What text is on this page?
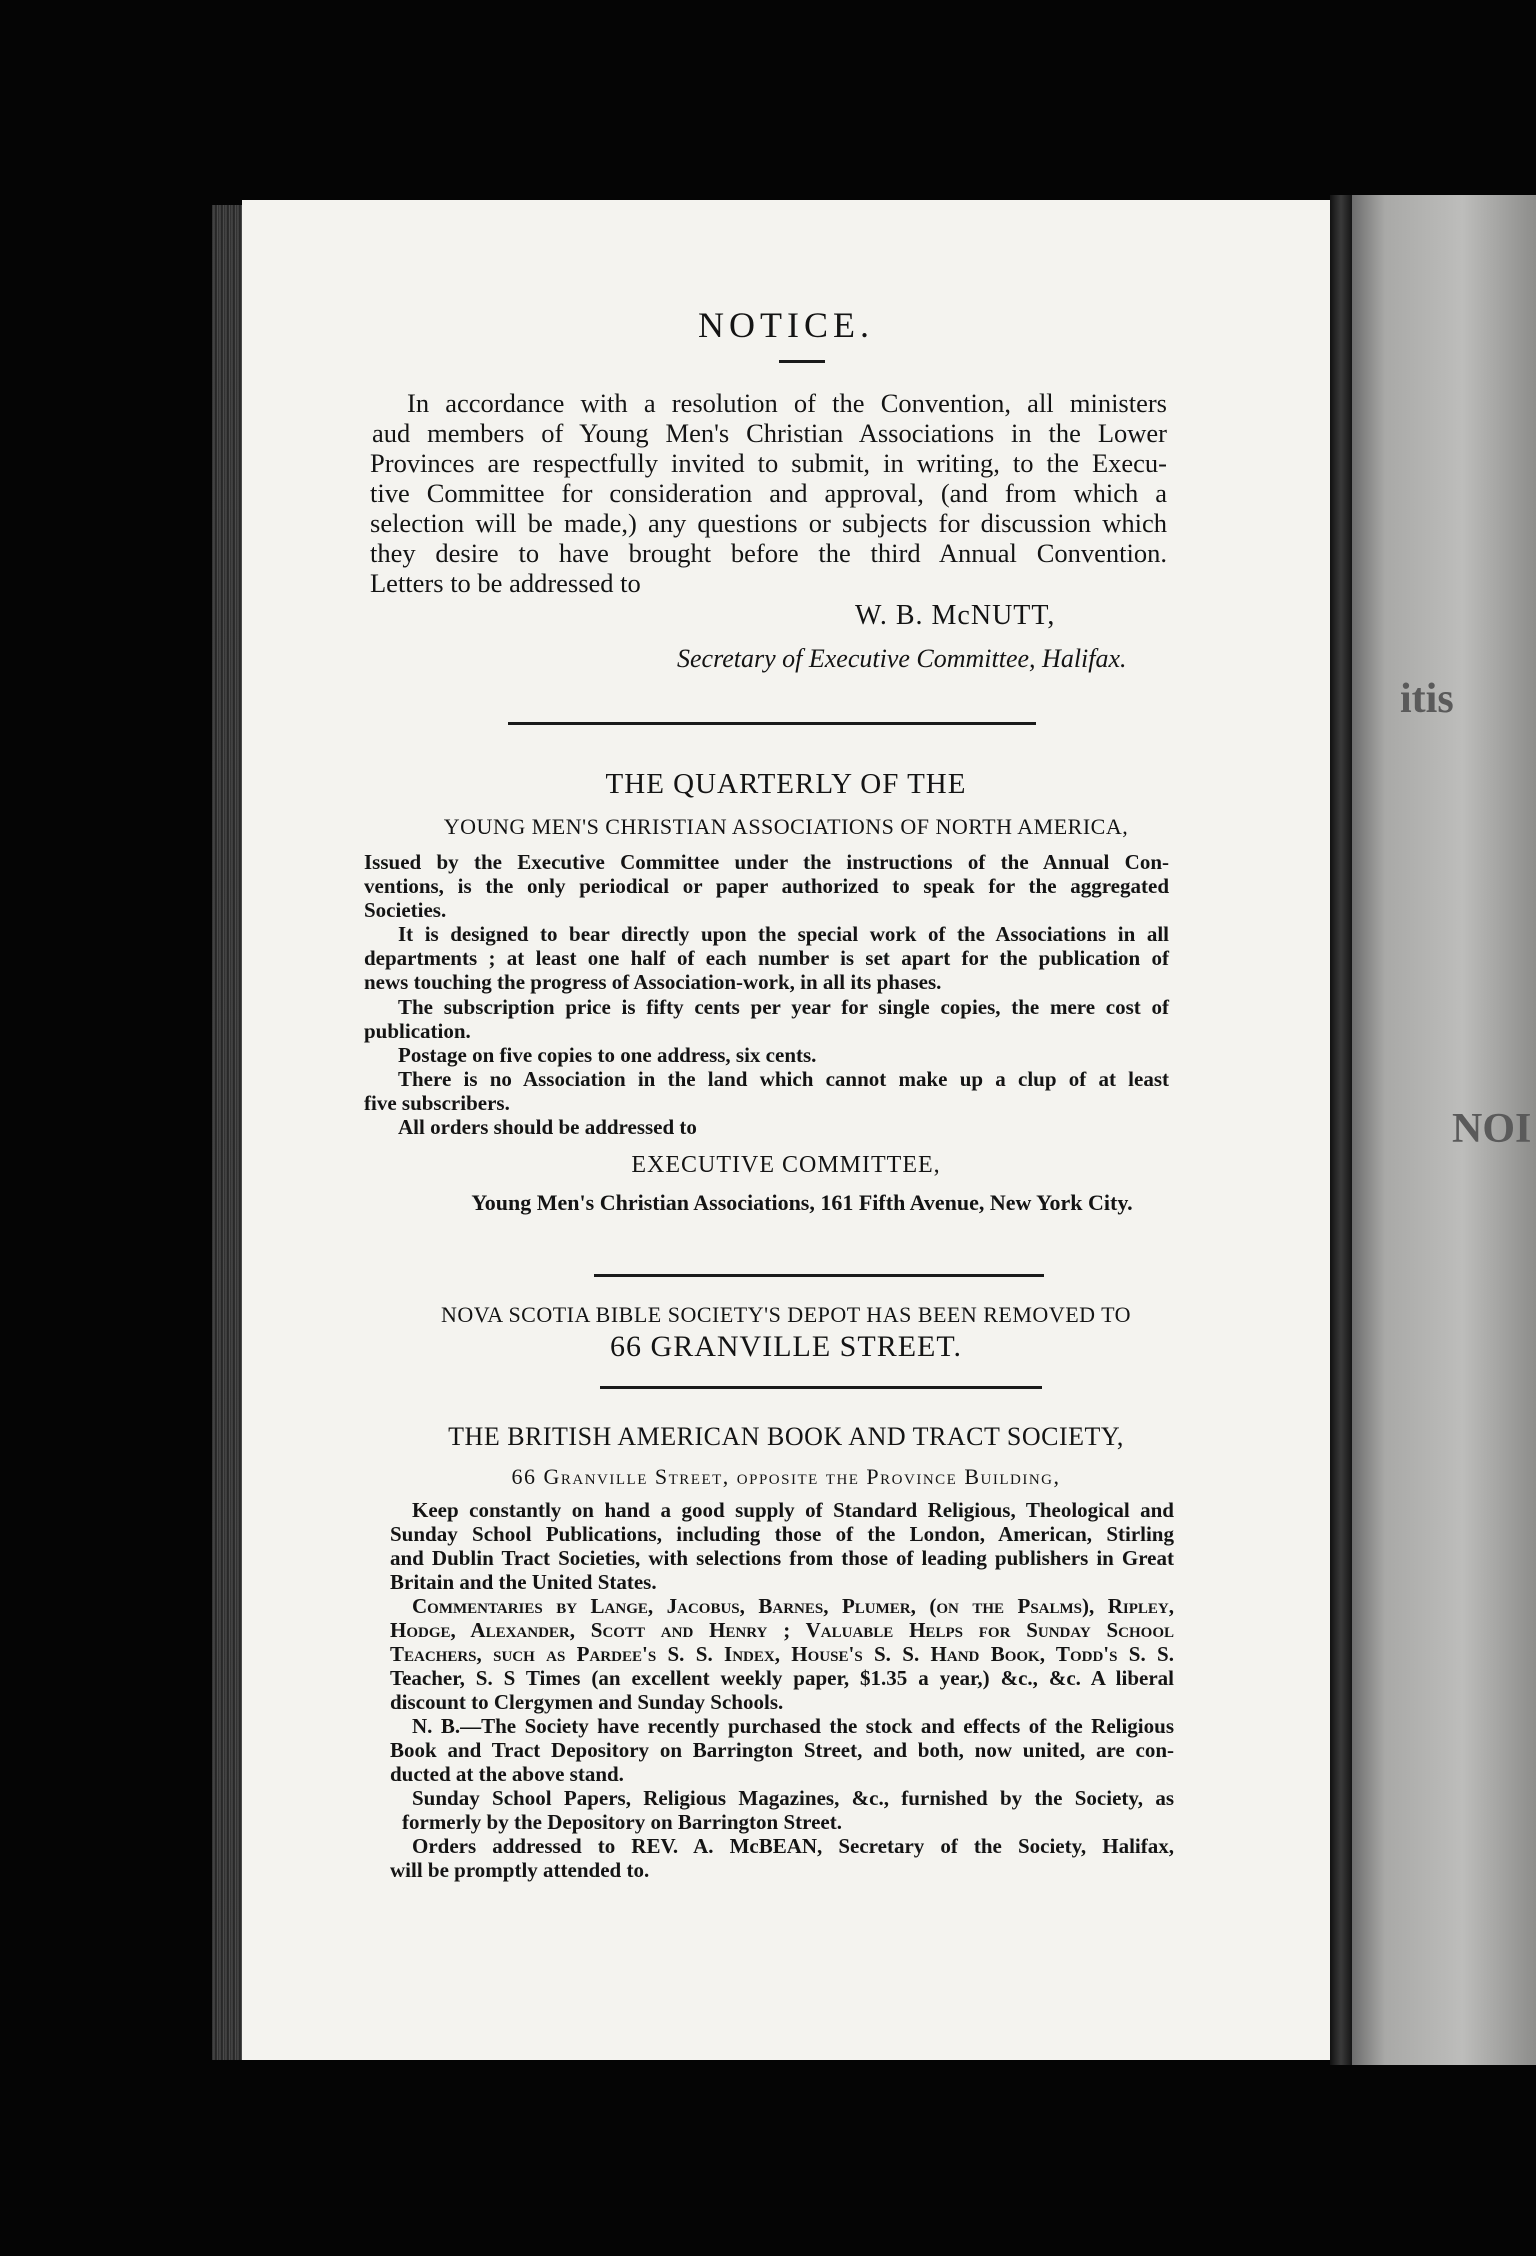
itis
NOI
NOTICE.
In accordance with a resolution of the Convention, all ministers
aud members of Young Men's Christian Associations in the Lower
Provinces are respectfully invited to submit, in writing, to the Execu-
tive Committee for consideration and approval, (and from which a
selection will be made,) any questions or subjects for discussion which
they desire to have brought before the third Annual Convention.
Letters to be addressed to
W. B. McNUTT,
Secretary of Executive Committee, Halifax.
THE QUARTERLY OF THE
YOUNG MEN'S CHRISTIAN ASSOCIATIONS OF NORTH AMERICA,
Issued by the Executive Committee under the instructions of the Annual Con-
ventions, is the only periodical or paper authorized to speak for the aggregated
Societies.
It is designed to bear directly upon the special work of the Associations in all
departments ; at least one half of each number is set apart for the publication of
news touching the progress of Association-work, in all its phases.
The subscription price is fifty cents per year for single copies, the mere cost of
publication.
Postage on five copies to one address, six cents.
There is no Association in the land which cannot make up a clup of at least
five subscribers.
All orders should be addressed to
EXECUTIVE COMMITTEE,
Young Men's Christian Associations, 161 Fifth Avenue, New York City.
NOVA SCOTIA BIBLE SOCIETY'S DEPOT HAS BEEN REMOVED TO
66 GRANVILLE STREET.
THE BRITISH AMERICAN BOOK AND TRACT SOCIETY,
66 Granville Street, opposite the Province Building,
Keep constantly on hand a good supply of Standard Religious, Theological and
Sunday School Publications, including those of the London, American, Stirling
and Dublin Tract Societies, with selections from those of leading publishers in Great
Britain and the United States.
Commentaries by Lange, Jacobus, Barnes, Plumer, (on the Psalms), Ripley,
Hodge, Alexander, Scott and Henry ; Valuable Helps for Sunday School
Teachers, such as Pardee's S. S. Index, House's S. S. Hand Book, Todd's S. S.
Teacher, S. S Times (an excellent weekly paper, $1.35 a year,) &c., &c. A liberal
discount to Clergymen and Sunday Schools.
N. B.—The Society have recently purchased the stock and effects of the Religious
Book and Tract Depository on Barrington Street, and both, now united, are con-
ducted at the above stand.
Sunday School Papers, Religious Magazines, &c., furnished by the Society, as
formerly by the Depository on Barrington Street.
Orders addressed to REV. A. McBEAN, Secretary of the Society, Halifax,
will be promptly attended to.
